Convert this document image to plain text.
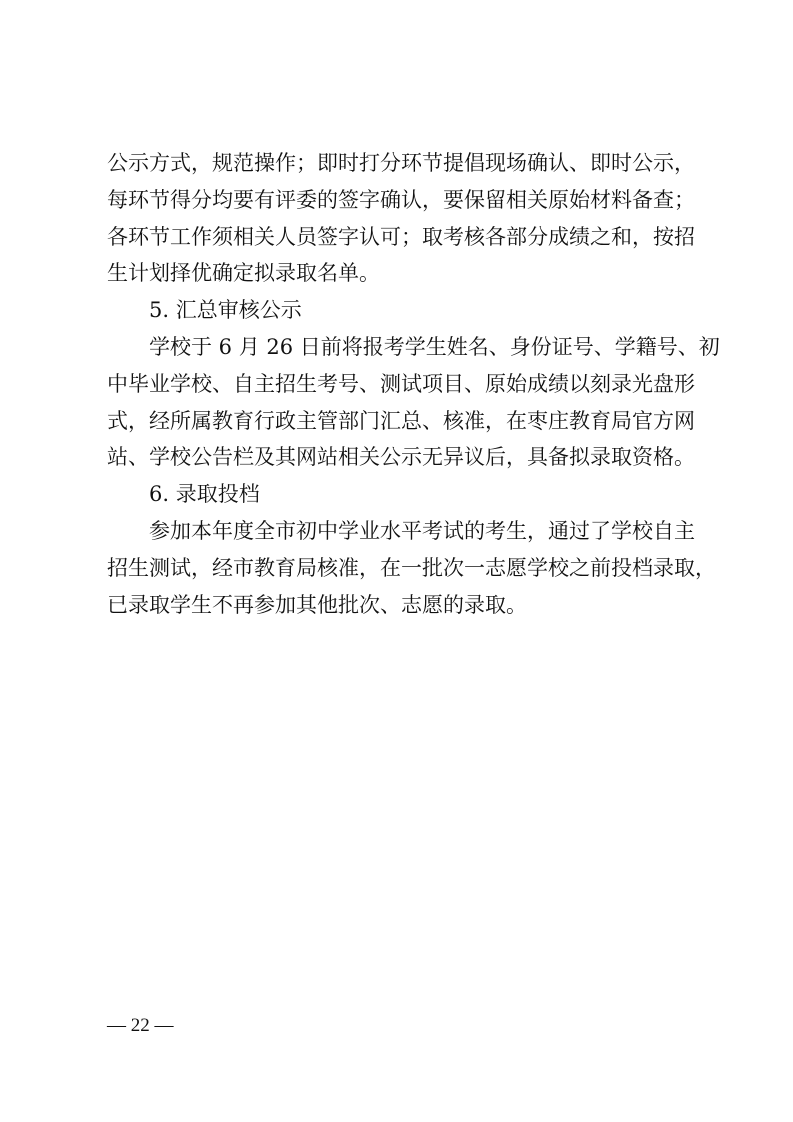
公示方式，规范操作；即时打分环节提倡现场确认、即时公示，
每环节得分均要有评委的签字确认，要保留相关原始材料备查；
各环节工作须相关人员签字认可；取考核各部分成绩之和，按招
生计划择优确定拟录取名单。
5. 汇总审核公示
学校于 6 月 26 日前将报考学生姓名、身份证号、学籍号、初
中毕业学校、自主招生考号、测试项目、原始成绩以刻录光盘形
式，经所属教育行政主管部门汇总、核准，在枣庄教育局官方网
站、学校公告栏及其网站相关公示无异议后，具备拟录取资格。
6. 录取投档
参加本年度全市初中学业水平考试的考生，通过了学校自主
招生测试，经市教育局核准，在一批次一志愿学校之前投档录取，
已录取学生不再参加其他批次、志愿的录取。
— 22 —
